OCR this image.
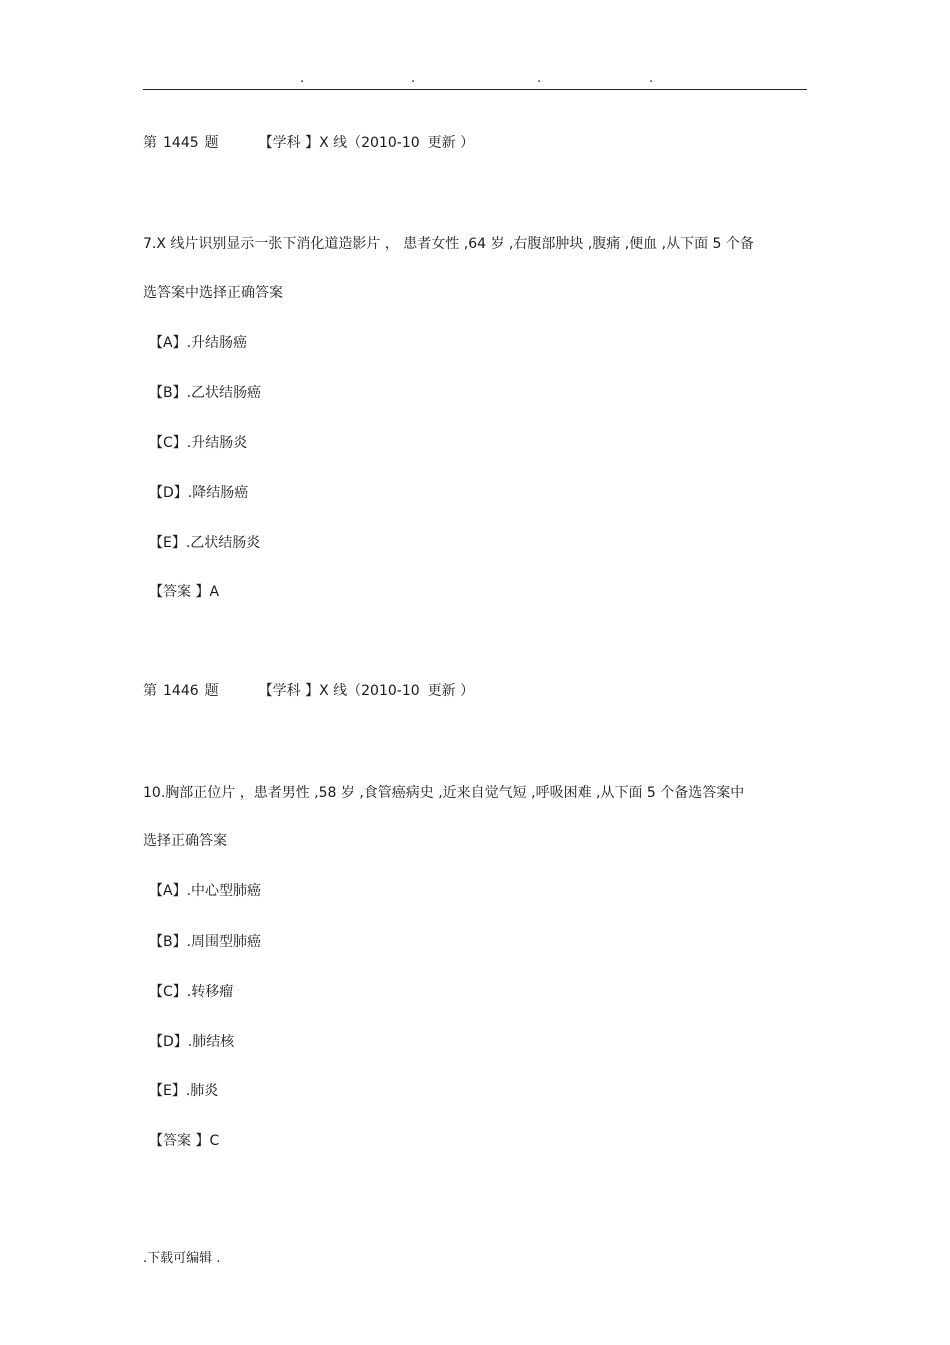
.	.	.	.
第 1445 题	【学科 】X 线（2010-10 更新 ）
7.X 线片识别显示一张下消化道造影片 ， 患者女性 ,64 岁 ,右腹部肿块 ,腹痛 ,便血 ,从下面 5 个备
选答案中选择正确答案
【A】.升结肠癌
【B】.乙状结肠癌
【C】.升结肠炎
【D】.降结肠癌
【E】.乙状结肠炎
【答案 】A
第 1446 题	【学科 】X 线（2010-10 更新 ）
10.胸部正位片 ，患者男性 ,58 岁 ,食管癌病史 ,近来自觉气短 ,呼吸困难 ,从下面 5 个备选答案中
选择正确答案
【A】.中心型肺癌
【B】.周围型肺癌
【C】.转移瘤
【D】.肺结核
【E】.肺炎
【答案 】C
.下载可编辑 .
